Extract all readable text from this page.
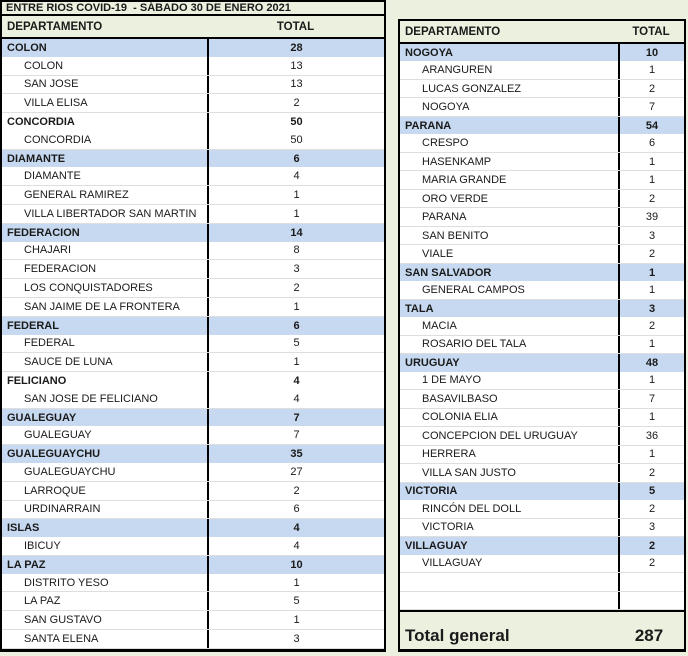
ENTRE RIOS COVID-19  - SÁBADO 30 DE ENERO 2021
DEPARTAMENTO	TOTAL
COLON	28
COLON	13
SAN JOSE	13
VILLA ELISA	2
CONCORDIA	50
CONCORDIA	50
DIAMANTE	6
DIAMANTE	4
GENERAL RAMIREZ	1
VILLA LIBERTADOR SAN MARTIN	1
FEDERACION	14
CHAJARI	8
FEDERACION	3
LOS CONQUISTADORES	2
SAN JAIME DE LA FRONTERA	1
FEDERAL	6
FEDERAL	5
SAUCE DE LUNA	1
FELICIANO	4
SAN JOSE DE FELICIANO	4
GUALEGUAY	7
GUALEGUAY	7
GUALEGUAYCHU	35
GUALEGUAYCHU	27
LARROQUE	2
URDINARRAIN	6
ISLAS	4
IBICUY	4
LA PAZ	10
DISTRITO YESO	1
LA PAZ	5
SAN GUSTAVO	1
SANTA ELENA	3
DEPARTAMENTO	TOTAL
NOGOYA	10
ARANGUREN	1
LUCAS GONZALEZ	2
NOGOYA	7
PARANA	54
CRESPO	6
HASENKAMP	1
MARIA GRANDE	1
ORO VERDE	2
PARANA	39
SAN BENITO	3
VIALE	2
SAN SALVADOR	1
GENERAL CAMPOS	1
TALA	3
MACIA	2
ROSARIO DEL TALA	1
URUGUAY	48
1 DE MAYO	1
BASAVILBASO	7
COLONIA ELIA	1
CONCEPCION DEL URUGUAY	36
HERRERA	1
VILLA SAN JUSTO	2
VICTORIA	5
RINCÓN DEL DOLL	2
VICTORIA	3
VILLAGUAY	2
VILLAGUAY	2
Total general	287
